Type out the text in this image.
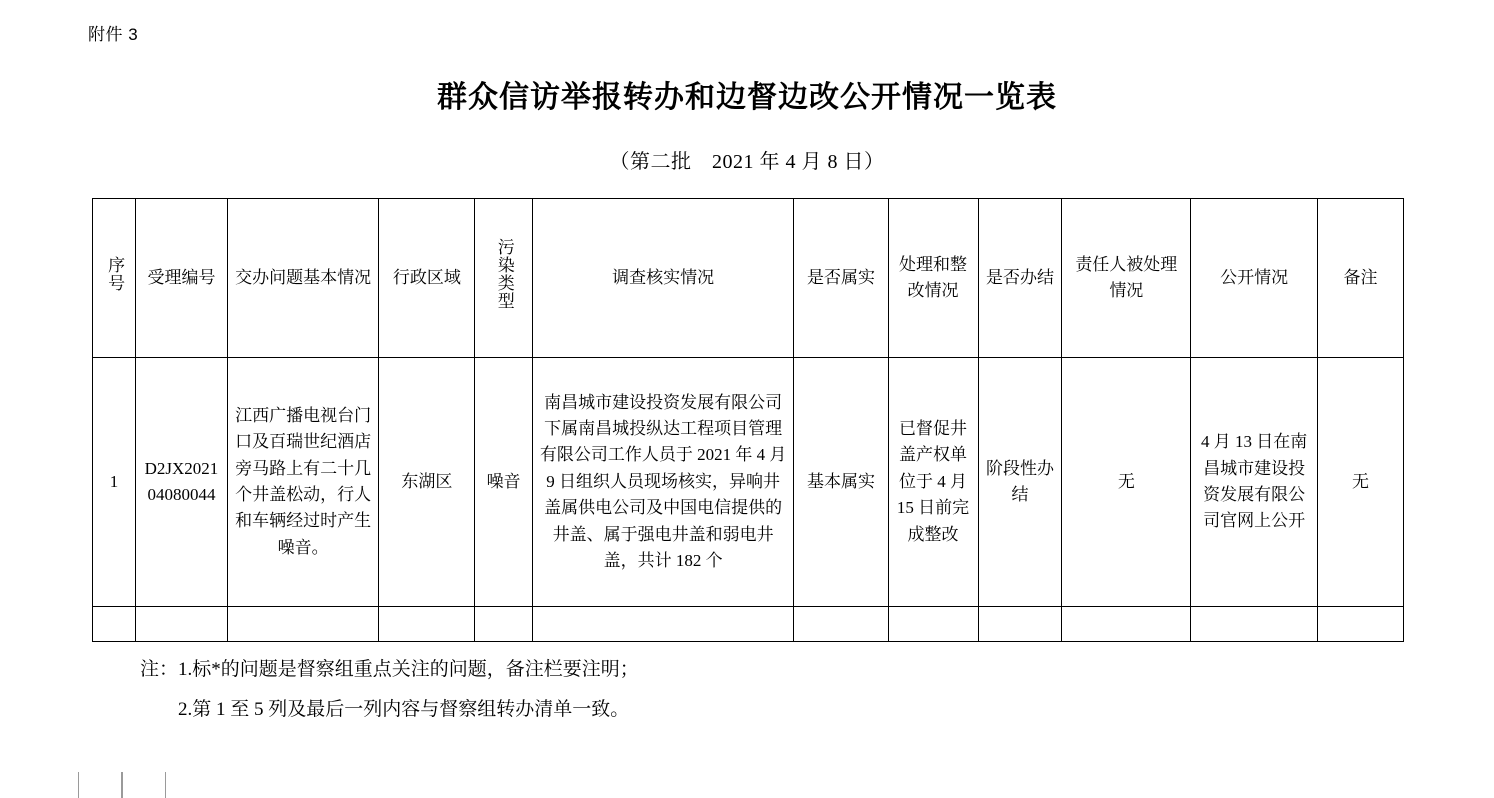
附件 3
群众信访举报转办和边督边改公开情况一览表
（第二批　2021 年 4 月 8 日）
序号	受理编号	交办问题基本情况	行政区域	污染类型	调查核实情况	是否属实	处理和整改情况	是否办结	责任人被处理情况	公开情况	备注
1	D2JX202104080044	江西广播电视台门口及百瑞世纪酒店旁马路上有二十几个井盖松动，行人和车辆经过时产生噪音。	东湖区	噪音	南昌城市建设投资发展有限公司下属南昌城投纵达工程项目管理有限公司工作人员于 2021 年 4 月 9 日组织人员现场核实，异响井盖属供电公司及中国电信提供的井盖、属于强电井盖和弱电井盖，共计 182 个	基本属实	已督促井盖产权单位于 4 月 15 日前完成整改	阶段性办结	无	4 月 13 日在南昌城市建设投资发展有限公司官网上公开	无

注：1.标*的问题是督察组重点关注的问题，备注栏要注明；
2.第 1 至 5 列及最后一列内容与督察组转办清单一致。
